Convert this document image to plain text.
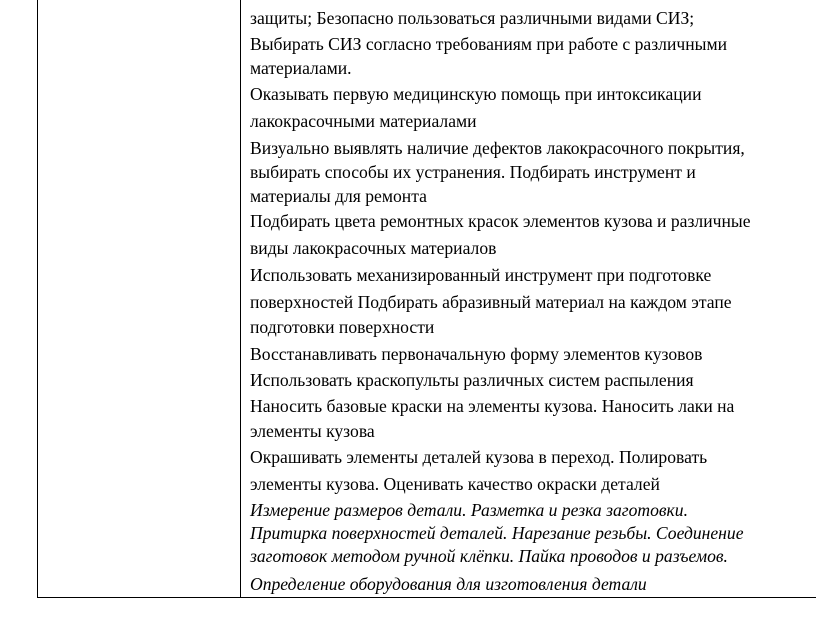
защиты; Безопасно пользоваться различными видами СИЗ;
Выбирать СИЗ согласно требованиям при работе с различными
материалами.
Оказывать первую медицинскую помощь при интоксикации
лакокрасочными материалами
Визуально выявлять наличие дефектов лакокрасочного покрытия,
выбирать способы их устранения. Подбирать инструмент и
материалы для ремонта
Подбирать цвета ремонтных красок элементов кузова и различные
виды лакокрасочных материалов
Использовать механизированный инструмент при подготовке
поверхностей Подбирать абразивный материал на каждом этапе
подготовки поверхности
Восстанавливать первоначальную форму элементов кузовов
Использовать краскопульты различных систем распыления
Наносить базовые краски на элементы кузова. Наносить лаки на
элементы кузова
Окрашивать элементы деталей кузова в переход. Полировать
элементы кузова. Оценивать качество окраски деталей
Измерение размеров детали. Разметка и резка заготовки.
Притирка поверхностей деталей. Нарезание резьбы. Соединение
заготовок методом ручной клёпки. Пайка проводов и разъемов.
Определение оборудования для изготовления детали
